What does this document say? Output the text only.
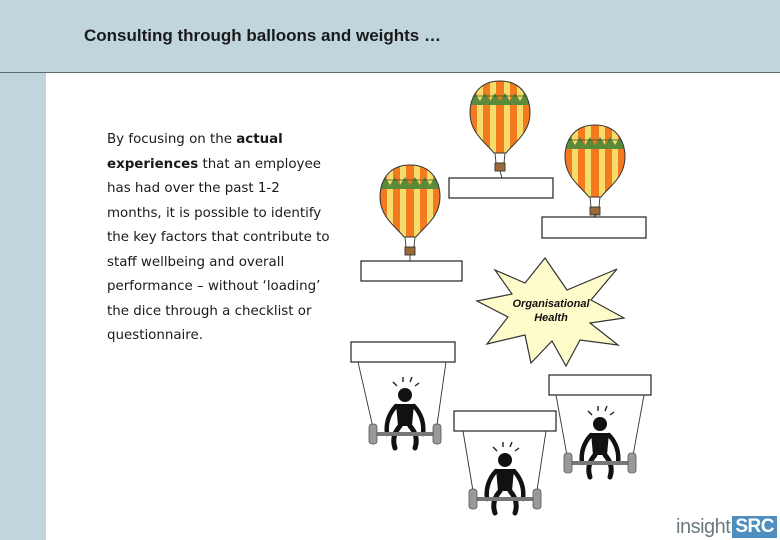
Consulting through balloons and weights …

By focusing on the actual experiences that an employee has had over the past 1-2 months, it is possible to identify the key factors that contribute to staff wellbeing and overall performance – without ‘loading’ the dice through a checklist or questionnaire.

Organisational
Health
insight SRC
